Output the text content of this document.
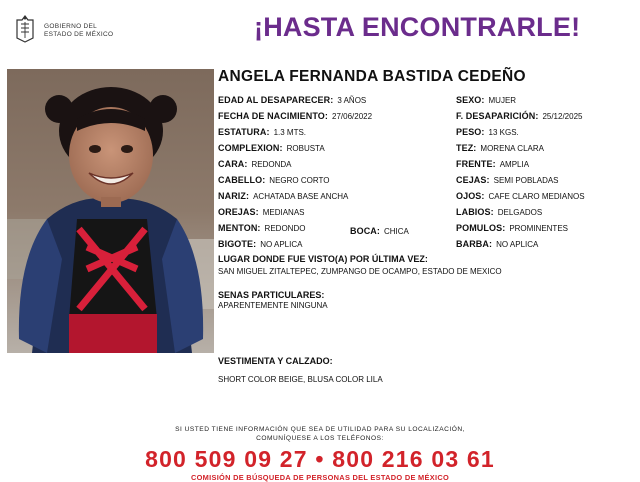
GOBIERNO DEL
ESTADO DE MÉXICO	¡HASTA ENCONTRARLE!
ANGELA FERNANDA BASTIDA CEDEÑO
EDAD AL DESAPARECER: 3 AÑOS	SEXO: MUJER
FECHA DE NACIMIENTO: 27/06/2022	F. DESAPARICIÓN: 25/12/2025
ESTATURA: 1.3 MTS.	PESO: 13 KGS.
COMPLEXION: ROBUSTA	TEZ: MORENA CLARA
CARA: REDONDA	FRENTE: AMPLIA
CABELLO: NEGRO CORTO	CEJAS: SEMI POBLADAS
NARIZ: ACHATADA BASE ANCHA	OJOS: CAFE CLARO MEDIANOS
OREJAS: MEDIANAS	LABIOS: DELGADOS
MENTON: REDONDO	BOCA: CHICA	POMULOS: PROMINENTES
BIGOTE: NO APLICA	BARBA: NO APLICA
LUGAR DONDE FUE VISTO(A) POR ÚLTIMA VEZ:
SAN MIGUEL ZITALTEPEC, ZUMPANGO DE OCAMPO, ESTADO DE MEXICO
SENAS PARTICULARES:
APARENTEMENTE NINGUNA
VESTIMENTA Y CALZADO:
SHORT COLOR BEIGE, BLUSA COLOR LILA
SI USTED TIENE INFORMACIÓN QUE SEA DE UTILIDAD PARA SU LOCALIZACIÓN,
COMUNÍQUESE A LOS TELÉFONOS:
800 509 09 27 • 800 216 03 61
COMISIÓN DE BÚSQUEDA DE PERSONAS DEL ESTADO DE MÉXICO
